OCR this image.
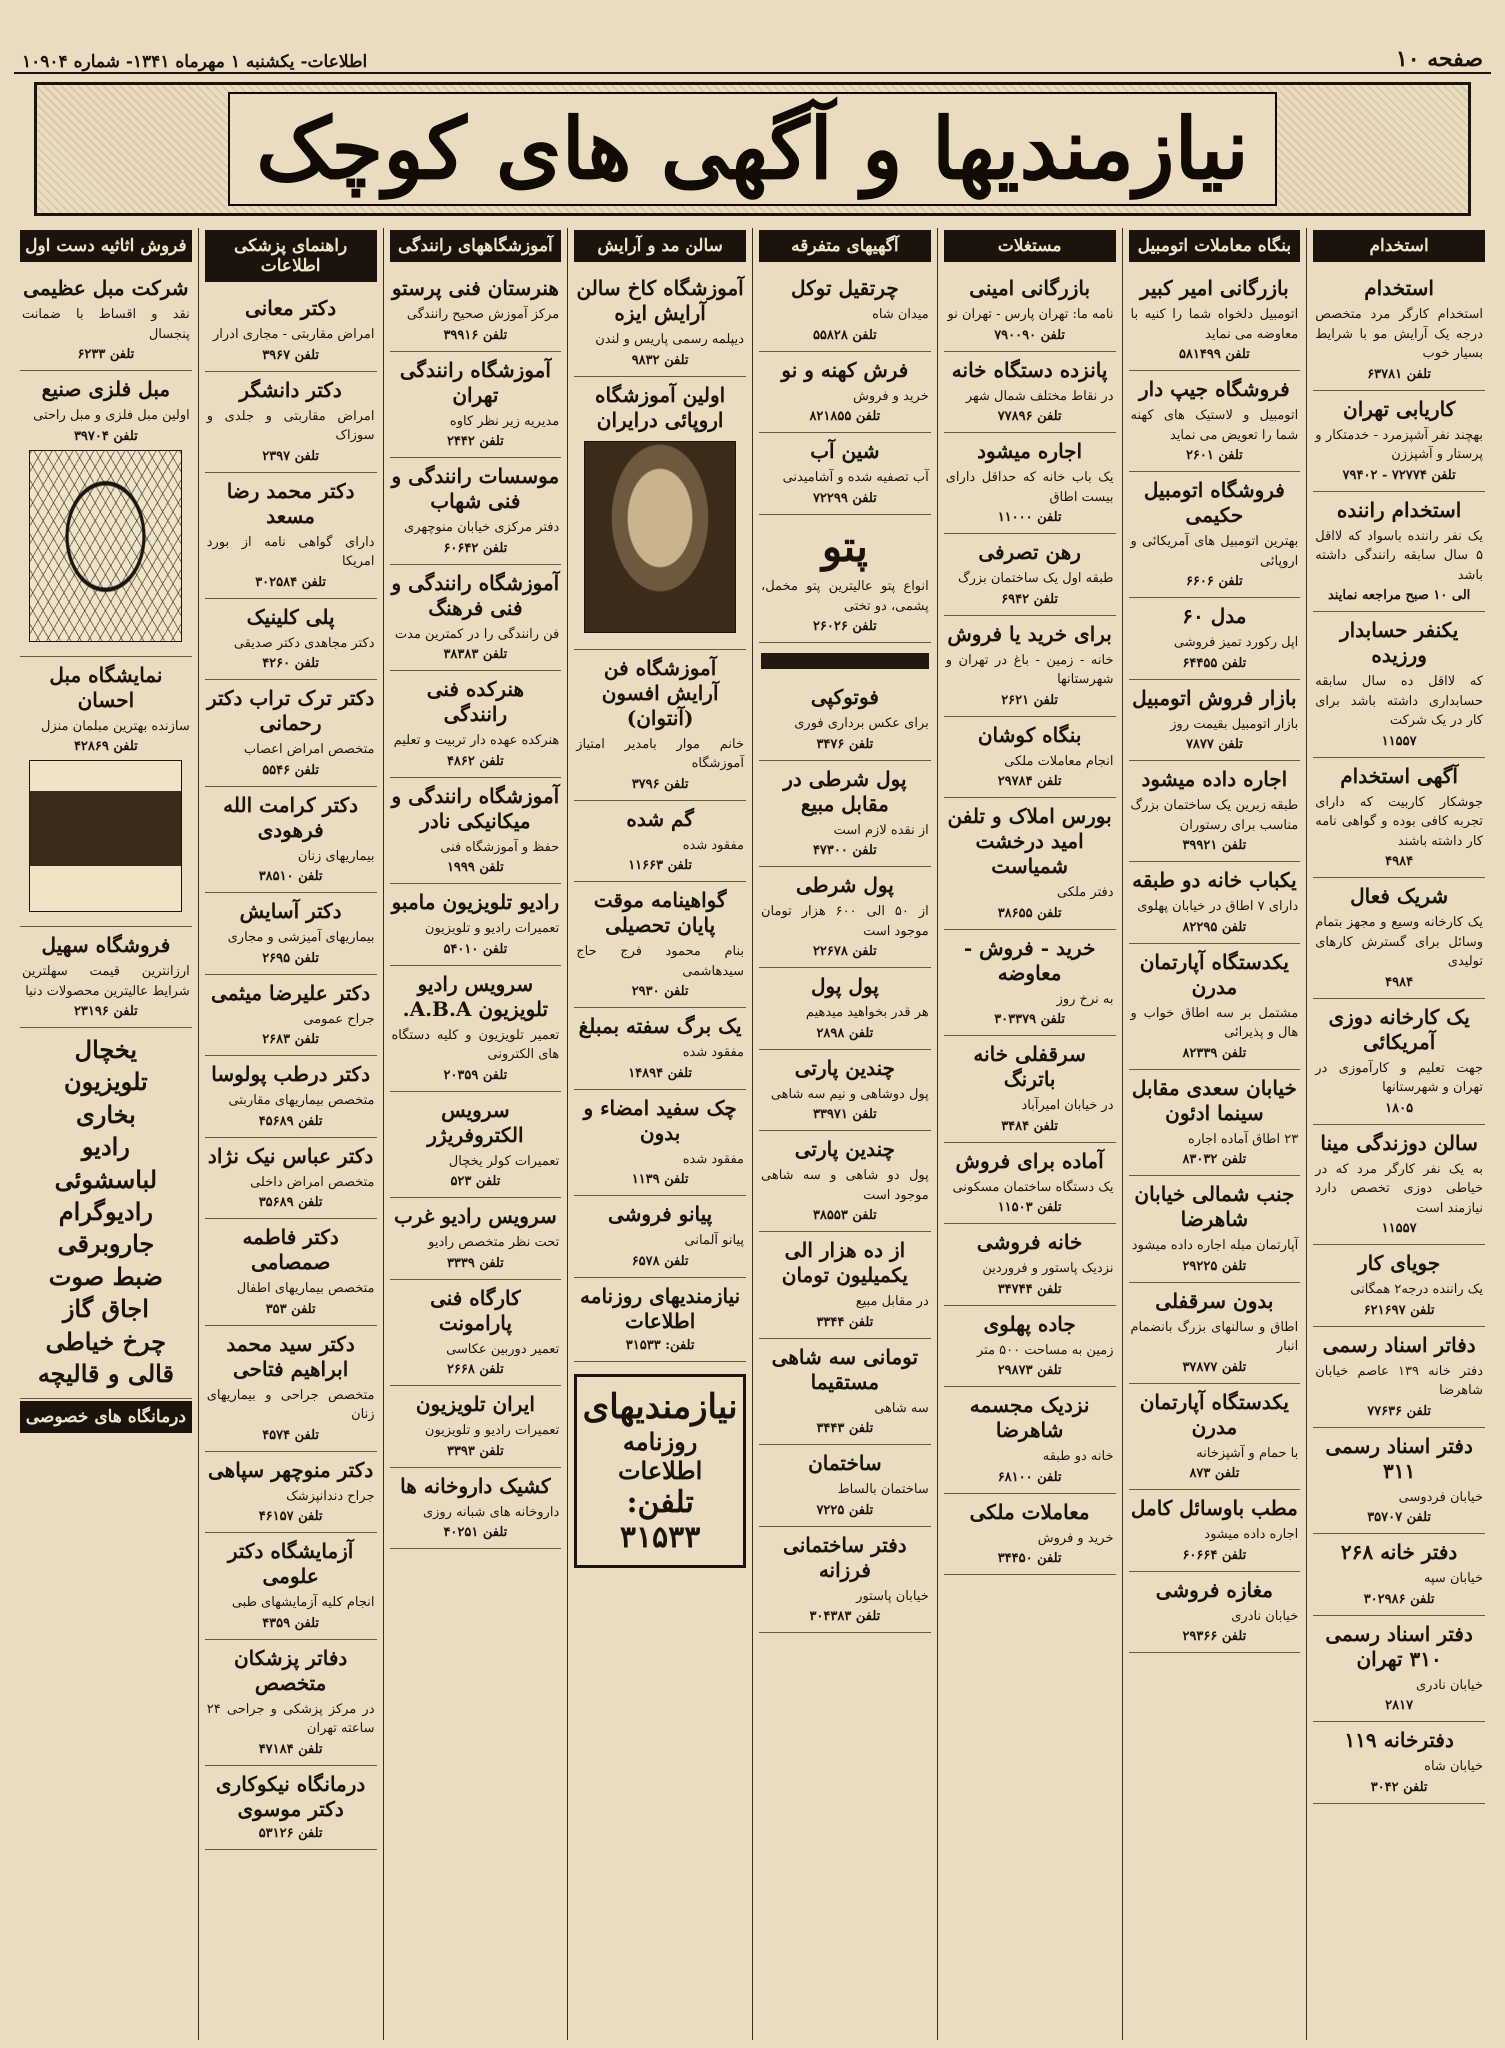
صفحه ۱۰
اطلاعات- یکشنبه ۱ مهرماه ۱۳۴۱- شماره ۱۰۹۰۴
نیازمندیها و آگهی های کوچک
استخدام
استخدام

استخدام کارگر مرد متخصص درجه یک آرایش مو با شرایط بسیار خوب

تلفن ۶۳۷۸۱
کاریابی تهران

بهچند نفر آشپزمرد - خدمتکار و پرستار و آشپززن

تلفن ۷۲۷۷۴ - ۷۹۴۰۲
استخدام راننده

یک نفر راننده باسواد که لااقل ۵ سال سابقه رانندگی داشته باشد

الی ۱۰ صبح مراجعه نمایند
یکنفر حسابدار ورزیده

که لااقل ده سال سابقه حسابداری داشته باشد برای کار در یک شرکت

۱۱۵۵۷
آگهی استخدام

جوشکار کاربیت که دارای تجربه کافی بوده و گواهی نامه کار داشته باشند

۴۹۸۴
شریک فعال

یک کارخانه وسیع و مجهز بتمام وسائل برای گسترش کارهای تولیدی

۴۹۸۴
یک کارخانه دوزی آمریکائی

جهت تعلیم و کارآموزی در تهران و شهرستانها

۱۸۰۵
سالن دوزندگی مینا

به یک نفر کارگر مرد که در خیاطی دوزی تخصص دارد نیازمند است

۱۱۵۵۷
جویای کار

یک راننده درجه۲ همگانی

تلفن ۶۲۱۶۹۷
دفاتر اسناد رسمی

دفتر خانه ۱۳۹ عاصم خیابان شاهرضا

تلفن ۷۷۶۳۶
دفتر اسناد رسمی ۳۱۱

خیابان فردوسی

تلفن ۳۵۷۰۷
دفتر خانه ۲۶۸

خیابان سپه

تلفن ۳۰۲۹۸۶
دفتر اسناد رسمی ۳۱۰ تهران

خیابان نادری

۲۸۱۷
دفترخانه ۱۱۹

خیابان شاه

تلفن ۳۰۴۲
بنگاه معاملات اتومبیل
بازرگانی امیر کبیر

اتومبیل دلخواه شما را کنیه با معاوضه می نماید

تلفن ۵۸۱۴۹۹
فروشگاه جیپ دار

اتومبیل و لاستیک های کهنه شما را تعویض می نماید

تلفن ۲۶۰۱
فروشگاه اتومبیل حکیمی

بهترین اتومبیل های آمریکائی و اروپائی

تلفن ۶۶۰۶
مدل ۶۰

اپل رکورد تمیز فروشی

تلفن ۶۴۴۵۵
بازار فروش اتومبیل

بازار اتومبیل بقیمت روز

تلفن ۷۸۷۷
اجاره داده میشود

طبقه زیرین یک ساختمان بزرگ مناسب برای رستوران

تلفن ۳۹۹۲۱
یکباب خانه دو طبقه

دارای ۷ اطاق در خیابان پهلوی

تلفن ۸۲۲۹۵
یکدستگاه آپارتمان مدرن

مشتمل بر سه اطاق خواب و هال و پذیرائی

تلفن ۸۲۳۳۹
خیابان سعدی مقابل سینما ادئون

۲۳ اطاق آماده اجاره

تلفن ۸۳۰۳۲
جنب شمالی خیابان شاهرضا

آپارتمان مبله اجاره داده میشود

تلفن ۲۹۲۲۵
بدون سرقفلی

اطاق و سالنهای بزرگ بانضمام انبار

تلفن ۳۷۸۷۷
یکدستگاه آپارتمان مدرن

با حمام و آشپزخانه

تلفن ۸۷۳
مطب باوسائل کامل

اجاره داده میشود

تلفن ۶۰۶۶۴
مغازه فروشی

خیابان نادری

تلفن ۲۹۳۶۶
مستغلات
بازرگانی امینی

نامه ما: تهران پارس - تهران نو

تلفن ۷۹۰۰۹۰
پانزده دستگاه خانه

در نقاط مختلف شمال شهر

تلفن ۷۷۸۹۶
اجاره میشود

یک باب خانه که حداقل دارای بیست اطاق

تلفن ۱۱۰۰۰
رهن تصرفی

طبقه اول یک ساختمان بزرگ

تلفن ۶۹۴۲
برای خرید یا فروش

خانه - زمین - باغ در تهران و شهرستانها

تلفن ۲۶۲۱
بنگاه کوشان

انجام معاملات ملکی

تلفن ۲۹۷۸۴
بورس املاک و تلفن امید درخشت شمیاست

دفتر ملکی

تلفن ۳۸۶۵۵
خرید - فروش - معاوضه

به نرخ روز

تلفن ۳۰۳۳۷۹
سرقفلی خانه باترنگ

در خیابان امیرآباد

تلفن ۳۴۸۴
آماده برای فروش

یک دستگاه ساختمان مسکونی

تلفن ۱۱۵۰۳
خانه فروشی

نزدیک پاستور و فروردین

تلفن ۳۴۷۴۴
جاده پهلوی

زمین به مساحت ۵۰۰ متر

تلفن ۲۹۸۷۳
نزدیک مجسمه شاهرضا

خانه دو طبقه

تلفن ۶۸۱۰۰
معاملات ملکی

خرید و فروش

تلفن ۳۴۴۵۰
آگهیهای متفرقه
چرتقیل توکل

میدان شاه

تلفن ۵۵۸۲۸
فرش کهنه و نو

خرید و فروش

تلفن ۸۲۱۸۵۵
شین آب

آب تصفیه شده و آشامیدنی

تلفن ۷۲۲۹۹
پتو

انواع پتو عالیترین پتو مخمل، پشمی، دو تختی

تلفن ۲۶۰۲۶
فوتوکپی

برای عکس برداری فوری

تلفن ۳۴۷۶
پول شرطی در مقابل مبیع

از نقده لازم است

تلفن ۴۷۳۰۰
پول شرطی

از ۵۰ الی ۶۰۰ هزار تومان موجود است

تلفن ۲۲۶۷۸
پول پول

هر قدر بخواهید میدهیم

تلفن ۲۸۹۸
چندین پارتی

پول دوشاهی و نیم سه شاهی

تلفن ۳۳۹۷۱
چندین پارتی

پول دو شاهی و سه شاهی موجود است

تلفن ۳۸۵۵۳
از ده هزار الی یکمیلیون تومان

در مقابل مبیع

تلفن ۳۳۴۴
تومانی سه شاهی مستقیما

سه شاهی

تلفن ۳۴۴۳
ساختمان

ساختمان بالساط

تلفن ۷۲۲۵
دفتر ساختمانی فرزانه

خیابان پاستور

تلفن ۳۰۴۳۸۳
سالن مد و آرایش
آموزشگاه کاخ سالن آرایش ایزه

دیپلمه رسمی پاریس و لندن

تلفن ۹۸۳۲
اولین آموزشگاه اروپائی درایران
آموزشگاه فن آرایش افسون (آنتوان)

خانم موار بامدیر امتیاز آموزشگاه

تلفن ۳۷۹۶
گم شده

مفقود شده

تلفن ۱۱۶۶۳
گواهینامه موقت پایان تحصیلی

بنام محمود فرج حاج سیدهاشمی

تلفن ۲۹۳۰
یک برگ سفته بمبلغ

مفقود شده

تلفن ۱۴۸۹۴
چک سفید امضاء و بدون

مفقود شده

تلفن ۱۱۳۹
پیانو فروشی

پیانو آلمانی

تلفن ۶۵۷۸
نیازمندیهای روزنامه اطلاعات
تلفن: ۳۱۵۳۳
نیازمندیهای
روزنامه اطلاعات
تلفن: ۳۱۵۳۳
آموزشگاههای رانندگی
هنرستان فنی پرستو

مرکز آموزش صحیح رانندگی

تلفن ۳۹۹۱۶
آموزشگاه رانندگی تهران

مدیریه زیر نظر کاوه

تلفن ۲۴۴۲
موسسات رانندگی و فنی شهاب

دفتر مرکزی خیابان منوچهری

تلفن ۶۰۶۴۲
آموزشگاه رانندگی و فنی فرهنگ

فن رانندگی را در کمترین مدت

تلفن ۳۸۳۸۳
هنرکده فنی رانندگی

هنرکده عهده دار تربیت و تعلیم

تلفن ۴۸۶۲
آموزشگاه رانندگی و میکانیکی نادر

حفظ و آموزشگاه فنی

تلفن ۱۹۹۹
رادیو تلویزیون مامبو

تعمیرات رادیو و تلویزیون

تلفن ۵۴۰۱۰
سرویس رادیو تلویزیون A.B.A.

تعمیر تلویزیون و کلیه دستگاه های الکترونی

تلفن ۲۰۳۵۹
سرویس الکتروفریژر

تعمیرات کولر یخچال

تلفن ۵۲۳
سرویس رادیو غرب

تحت نظر متخصص رادیو

تلفن ۳۳۳۹
کارگاه فنی پارامونت

تعمیر دوربین عکاسی

تلفن ۲۶۶۸
ایران تلویزیون

تعمیرات رادیو و تلویزیون

تلفن ۳۳۹۳
کشیک داروخانه ها

داروخانه های شبانه روزی

تلفن ۴۰۲۵۱
راهنمای پزشکی اطلاعات
دکتر معانی

امراض مقاربتی - مجاری ادرار

تلفن ۳۹۶۷
دکتر دانشگر

امراض مقاربتی و جلدی و سوزاک

تلفن ۲۳۹۷
دکتر محمد رضا مسعد

دارای گواهی نامه از بورد امریکا

تلفن ۳۰۲۵۸۴
پلی کلینیک

دکتر مجاهدی دکتر صدیقی

تلفن ۴۲۶۰
دکتر ترک تراب دکتر رحمانی

متخصص امراض اعصاب

تلفن ۵۵۴۶
دکتر کرامت الله فرهودی

بیماریهای زنان

تلفن ۳۸۵۱۰
دکتر آسایش

بیماریهای آمیزشی و مجاری

تلفن ۲۶۹۵
دکتر علیرضا میثمی

جراح عمومی

تلفن ۲۶۸۳
دکتر درطب پولوسا

متخصص بیماریهای مقاربتی

تلفن ۴۵۶۸۹
دکتر عباس نیک نژاد

متخصص امراض داخلی

تلفن ۳۵۶۸۹
دکتر فاطمه صمصامی

متخصص بیماریهای اطفال

تلفن ۳۵۳
دکتر سید محمد ابراهیم فتاحی

متخصص جراحی و بیماریهای زنان

تلفن ۴۵۷۴
دکتر منوچهر سپاهی

جراح دندانپزشک

تلفن ۴۶۱۵۷
آزمایشگاه دکتر علومی

انجام کلیه آزمایشهای طبی

تلفن ۴۳۵۹
دفاتر پزشکان متخصص

در مرکز پزشکی و جراحی ۲۴ ساعته تهران

تلفن ۴۷۱۸۴
درمانگاه نیکوکاری دکتر موسوی
تلفن ۵۳۱۲۶
فروش اثاثیه دست اول
شرکت مبل عظیمی

نقد و اقساط با ضمانت پنجسال

تلفن ۶۲۳۳
مبل فلزی صنیع

اولین مبل فلزی و مبل راحتی

تلفن ۳۹۷۰۴
نمایشگاه مبل احسان

سازنده بهترین مبلمان منزل

تلفن ۴۲۸۶۹
فروشگاه سهیل

ارزانترین قیمت سهلترین شرایط عالیترین محصولات دنیا

تلفن ۲۳۱۹۶
یخچال
تلویزیون
بخاری
رادیو
لباسشوئی
رادیوگرام
جاروبرقی
ضبط صوت
اجاق گاز
چرخ خیاطی
قالی و قالیچه
درمانگاه های خصوصی
